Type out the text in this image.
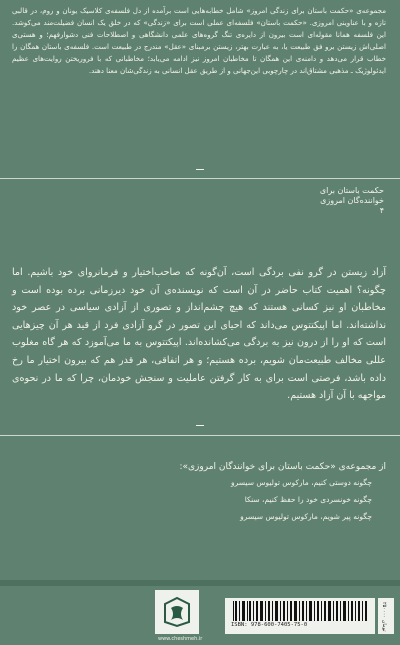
مجموعه‌ی «حکمت باستان برای زندگی امروز» شامل خطابه‌هایی است برآمده از دل فلسفه‌ی کلاسیک یونان و روم، در قالبی تازه و با عناوینی امروزی. «حکمت باستان» فلسفه‌ای عملی است برای «زندگی» که در خلق یک انسان فضیلت‌مند می‌کوشد. این فلسفه همانا مقوله‌ای است بیرون از دایره‌ی تنگ گروه‌های علمی دانشگاهی و اصطلاحات فنی دشوارفهم؛ و هستی‌ی اصلی‌اش زیستن برو فق طبیعت یا، به عبارت بهتر، زیستن برمبنای «عقل» مندرج در طبیعت است. فلسفه‌ی باستان همگان را خطاب قرار می‌دهد و دامنه‌ی این همگان تا مخاطبان امروز نیز ادامه می‌یابد؛ مخاطبانی که با فروریختن روایت‌های عظیم ایدئولوژیک ـ مذهبی مشتاق‌اند در چارچوبی این‌جهانی و از طریق عقل انسانی به زندگی‌شان معنا دهند.
حکمت باستان برای
خواننده‌گان امروزی
۴
آزاد زیستن در گرو نفی بردگی است، آن‌گونه که صاحب‌اختیار و فرمانروای خود باشیم. اما چگونه؟ اهمیت کتاب حاضر در آن است که نویسنده‌ی آن خود دیرزمانی برده بوده است و مخاطبان او نیز کسانی هستند که هیچ چشم‌انداز و تصوری از آزادی سیاسی در عصر خود نداشته‌اند. اما اپیکتتوس می‌داند که احیای این تصور در گرو آزادی فرد از قید هر آن چیزهایی است که او را از درون نیز به بردگی می‌کشانده‌اند. اپیکتتوس به ما می‌آموزد که هر گاه مغلوب عللی مخالف طبیعت‌مان شویم، برده هستیم؛ و هر اتفاقی، هر قدر هم که بیرون اختیار ما رخ داده باشد، فرصتی است برای به کار گرفتن عاملیت و سنجش خودمان، چرا که ما در نحوه‌ی مواجهه با آن آزاد هستیم.
از مجموعه‌ی «حکمت باستان برای خوانندگان امروزی»:
چگونه دوستی کنیم، مارکوس تولیوس سیسرو
چگونه خونسردی خود را حفظ کنیم، سنکا
چگونه پیر شویم، مارکوس تولیوس سیسرو
ISBN: 978-600-7405-75-0
۲۵۰۰۰۰ تومان
www.cheshmeh.ir
